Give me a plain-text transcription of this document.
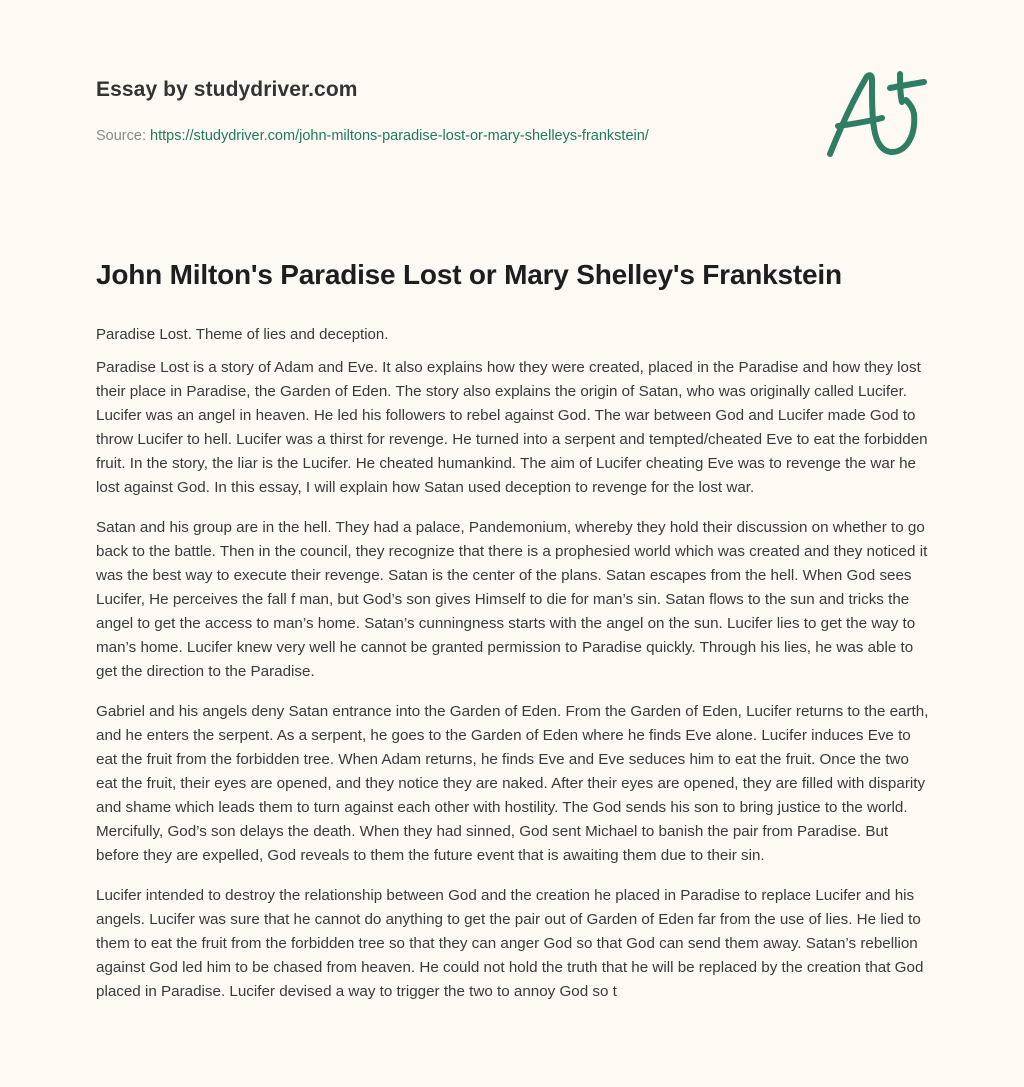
Essay by studydriver.com
Source: https://studydriver.com/john-miltons-paradise-lost-or-mary-shelleys-frankstein/
John Milton's Paradise Lost or Mary Shelley's Frankstein

Paradise Lost. Theme of lies and deception.

Paradise Lost is a story of Adam and Eve. It also explains how they were created, placed in the Paradise and how they lost their place in Paradise, the Garden of Eden. The story also explains the origin of Satan, who was originally called Lucifer. Lucifer was an angel in heaven. He led his followers to rebel against God. The war between God and Lucifer made God to throw Lucifer to hell. Lucifer was a thirst for revenge. He turned into a serpent and tempted/cheated Eve to eat the forbidden fruit. In the story, the liar is the Lucifer. He cheated humankind. The aim of Lucifer cheating Eve was to revenge the war he lost against God. In this essay, I will explain how Satan used deception to revenge for the lost war.

Satan and his group are in the hell. They had a palace, Pandemonium, whereby they hold their discussion on whether to go back to the battle. Then in the council, they recognize that there is a prophesied world which was created and they noticed it was the best way to execute their revenge. Satan is the center of the plans. Satan escapes from the hell. When God sees Lucifer, He perceives the fall f man, but God’s son gives Himself to die for man’s sin. Satan flows to the sun and tricks the angel to get the access to man’s home. Satan’s cunningness starts with the angel on the sun. Lucifer lies to get the way to man’s home. Lucifer knew very well he cannot be granted permission to Paradise quickly. Through his lies, he was able to get the direction to the Paradise.

Gabriel and his angels deny Satan entrance into the Garden of Eden. From the Garden of Eden, Lucifer returns to the earth, and he enters the serpent. As a serpent, he goes to the Garden of Eden where he finds Eve alone. Lucifer induces Eve to eat the fruit from the forbidden tree. When Adam returns, he finds Eve and Eve seduces him to eat the fruit. Once the two eat the fruit, their eyes are opened, and they notice they are naked. After their eyes are opened, they are filled with disparity and shame which leads them to turn against each other with hostility. The God sends his son to bring justice to the world. Mercifully, God’s son delays the death. When they had sinned, God sent Michael to banish the pair from Paradise. But before they are expelled, God reveals to them the future event that is awaiting them due to their sin.

Lucifer intended to destroy the relationship between God and the creation he placed in Paradise to replace Lucifer and his angels. Lucifer was sure that he cannot do anything to get the pair out of Garden of Eden far from the use of lies. He lied to them to eat the fruit from the forbidden tree so that they can anger God so that God can send them away. Satan’s rebellion against God led him to be chased from heaven. He could not hold the truth that he will be replaced by the creation that God placed in Paradise. Lucifer devised a way to trigger the two to annoy God so t
